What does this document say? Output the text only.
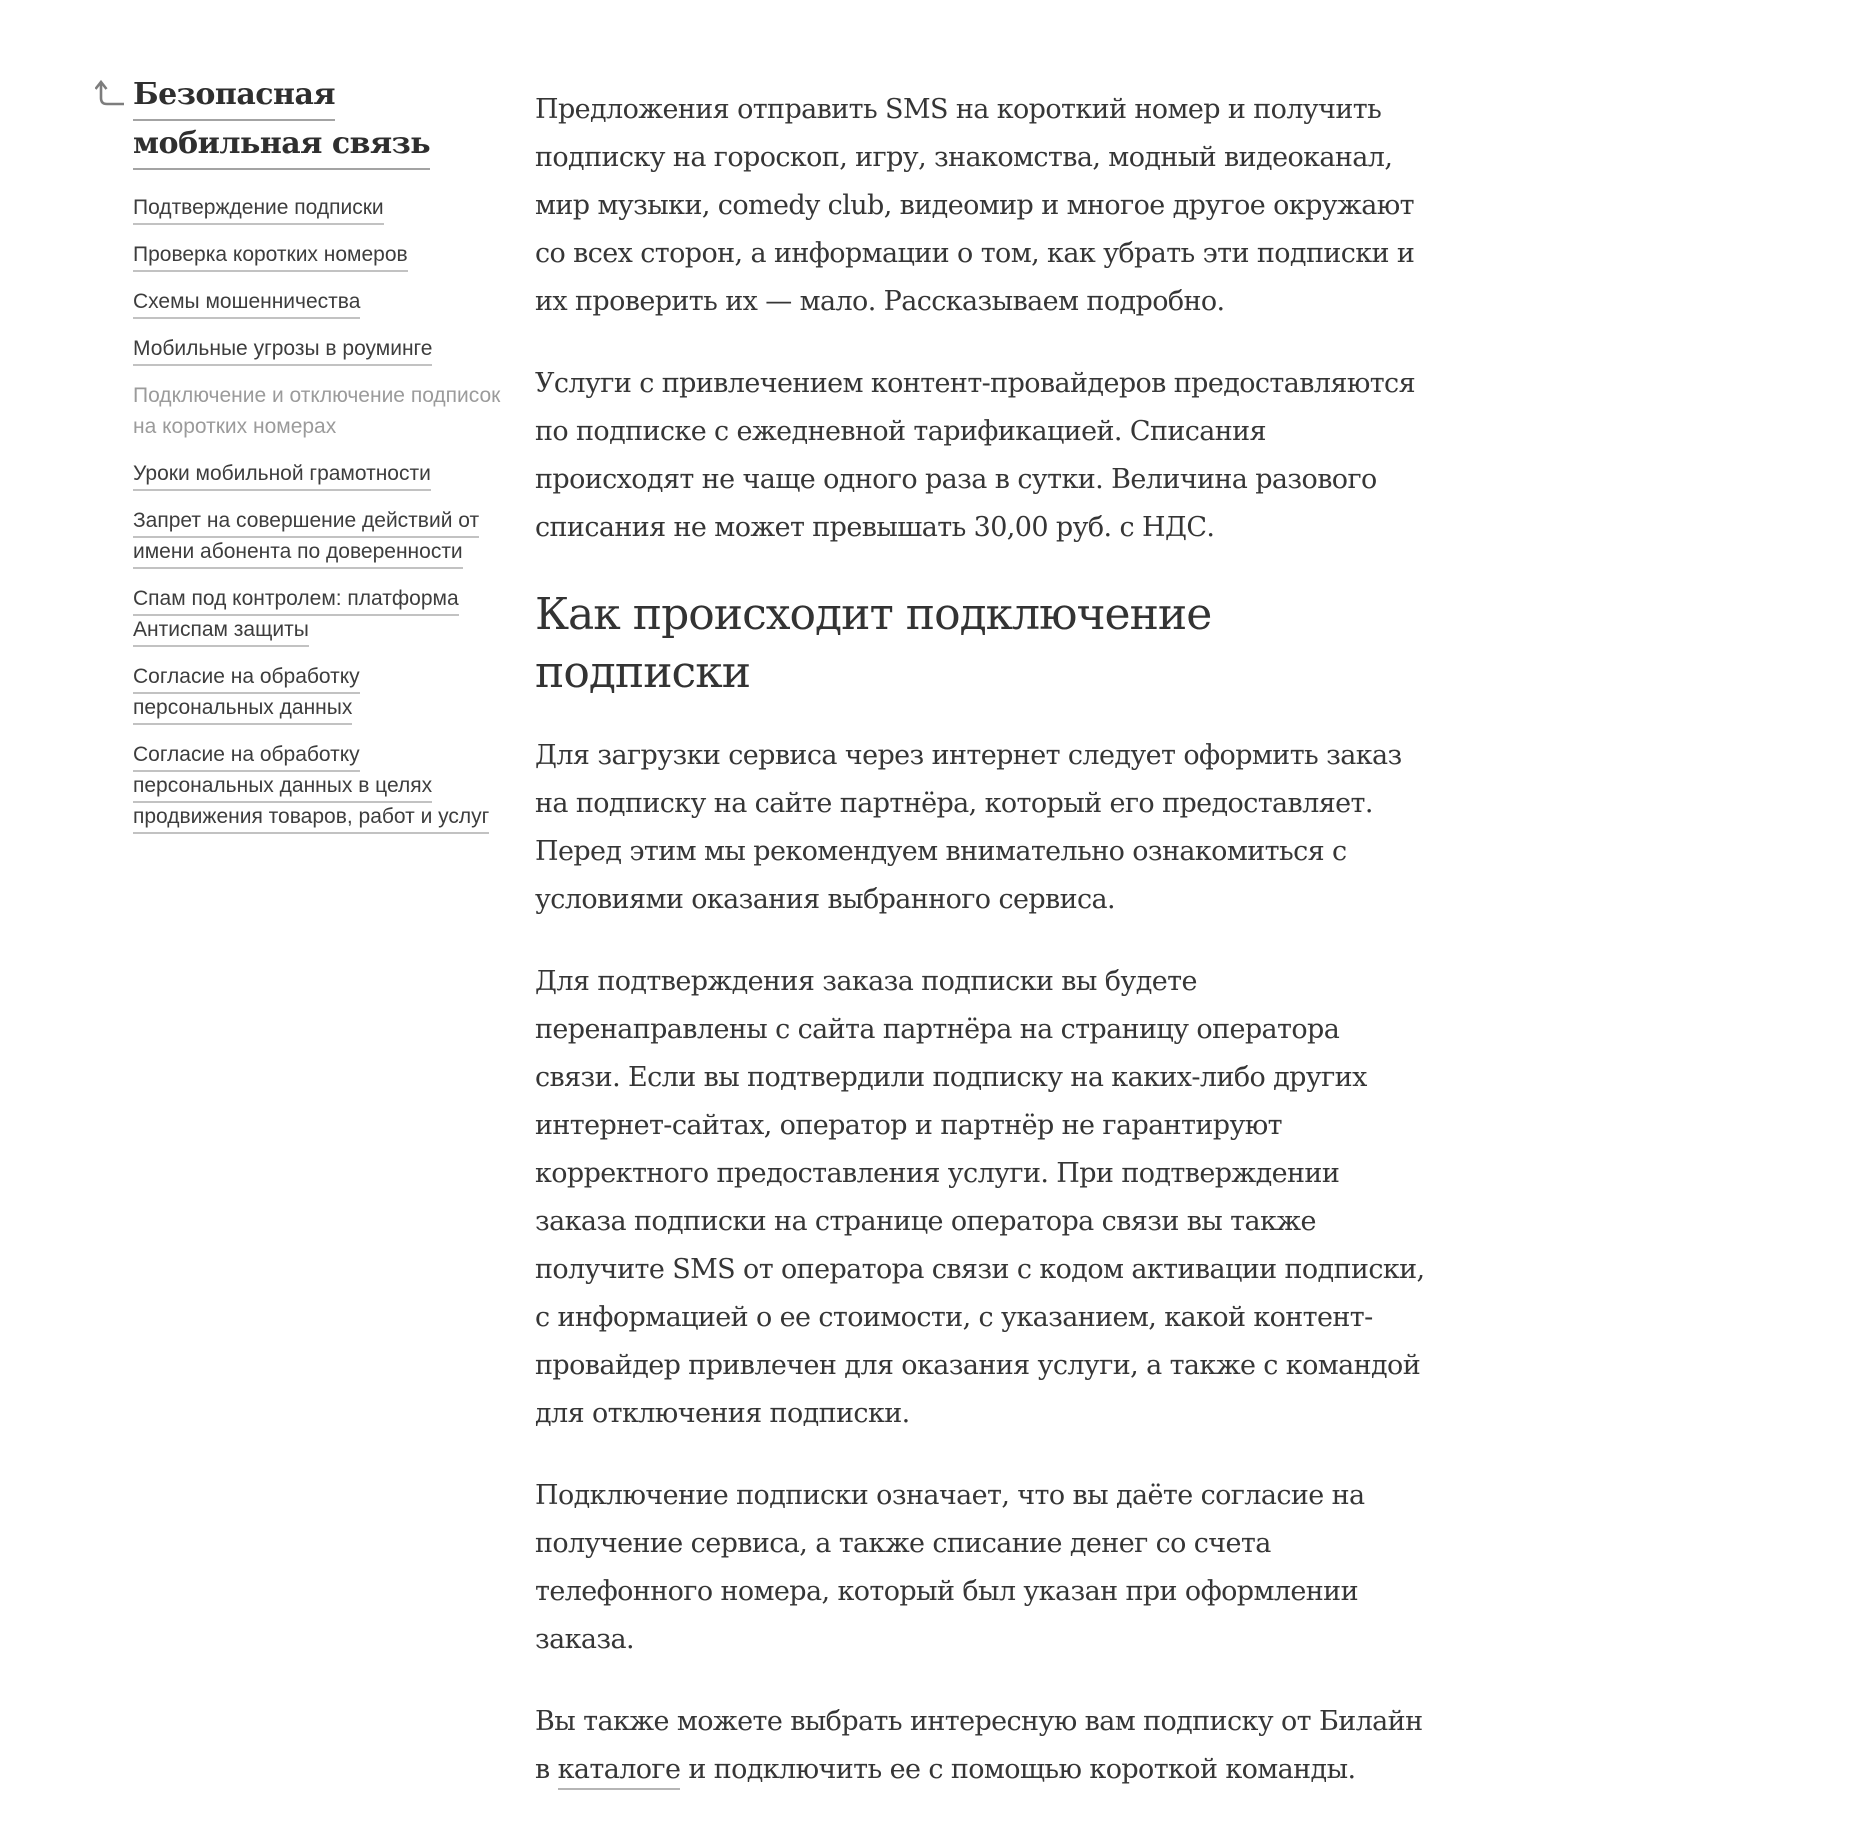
Безопасная мобильная связь
Подтверждение подписки
Проверка коротких номеров
Схемы мошенничества
Мобильные угрозы в роуминге
Подключение и отключение подписок на коротких номерах
Уроки мобильной грамотности
Запрет на совершение действий от имени абонента по доверенности
Спам под контролем: платформа Антиспам защиты
Согласие на обработку персональных данных
Согласие на обработку персональных данных в целях продвижения товаров, работ и услуг

Предложения отправить SMS на короткий номер и получить подписку на гороскоп, игру, знакомства, модный видеоканал, мир музыки, comedy club, видеомир и многое другое окружают со всех сторон, а информации о том, как убрать эти подписки и их проверить их — мало. Рассказываем подробно.

Услуги с привлечением контент-провайдеров предоставляются по подписке с ежедневной тарификацией. Списания происходят не чаще одного раза в сутки. Величина разового списания не может превышать 30,00 руб. с НДС.

Как происходит подключение подписки

Для загрузки сервиса через интернет следует оформить заказ на подписку на сайте партнёра, который его предоставляет. Перед этим мы рекомендуем внимательно ознакомиться с условиями оказания выбранного сервиса.

Для подтверждения заказа подписки вы будете перенаправлены с сайта партнёра на страницу оператора связи. Если вы подтвердили подписку на каких-либо других интернет-сайтах, оператор и партнёр не гарантируют корректного предоставления услуги. При подтверждении заказа подписки на странице оператора связи вы также получите SMS от оператора связи с кодом активации подписки, с информацией о ее стоимости, с указанием, какой контент-провайдер привлечен для оказания услуги, а также с командой для отключения подписки.

Подключение подписки означает, что вы даёте согласие на получение сервиса, а также списание денег со счета телефонного номера, который был указан при оформлении заказа.

Вы также можете выбрать интересную вам подписку от Билайн в каталоге и подключить ее с помощью короткой команды.
